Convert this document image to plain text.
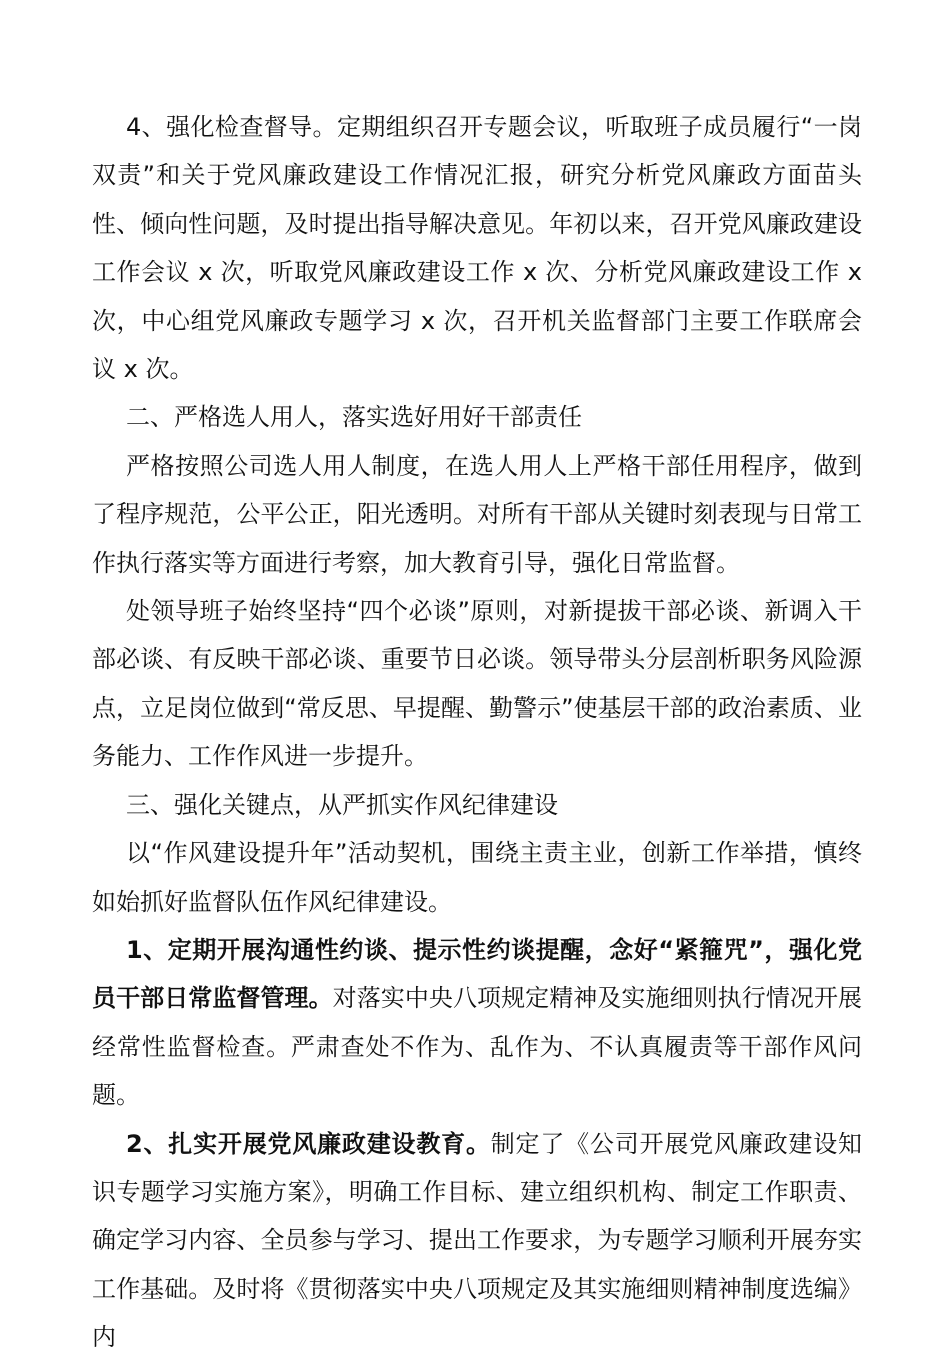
4、强化检查督导。定期组织召开专题会议，听取班子成员履行“一岗双责”和关于党风廉政建设工作情况汇报，研究分析党风廉政方面苗头性、倾向性问题，及时提出指导解决意见。年初以来，召开党风廉政建设工作会议 x 次，听取党风廉政建设工作 x 次、分析党风廉政建设工作 x 次，中心组党风廉政专题学习 x 次，召开机关监督部门主要工作联席会议 x 次。

二、严格选人用人，落实选好用好干部责任

严格按照公司选人用人制度，在选人用人上严格干部任用程序，做到了程序规范，公平公正，阳光透明。对所有干部从关键时刻表现与日常工作执行落实等方面进行考察，加大教育引导，强化日常监督。

处领导班子始终坚持“四个必谈”原则，对新提拔干部必谈、新调入干部必谈、有反映干部必谈、重要节日必谈。领导带头分层剖析职务风险源点，立足岗位做到“常反思、早提醒、勤警示”使基层干部的政治素质、业务能力、工作作风进一步提升。

三、强化关键点，从严抓实作风纪律建设

以“作风建设提升年”活动契机，围绕主责主业，创新工作举措，慎终如始抓好监督队伍作风纪律建设。

1、定期开展沟通性约谈、提示性约谈提醒，念好“紧箍咒”，强化党员干部日常监督管理。对落实中央八项规定精神及实施细则执行情况开展经常性监督检查。严肃查处不作为、乱作为、不认真履责等干部作风问题。

2、扎实开展党风廉政建设教育。制定了《公司开展党风廉政建设知识专题学习实施方案》，明确工作目标、建立组织机构、制定工作职责、确定学习内容、全员参与学习、提出工作要求，为专题学习顺利开展夯实工作基础。及时将《贯彻落实中央八项规定及其实施细则精神制度选编》内
